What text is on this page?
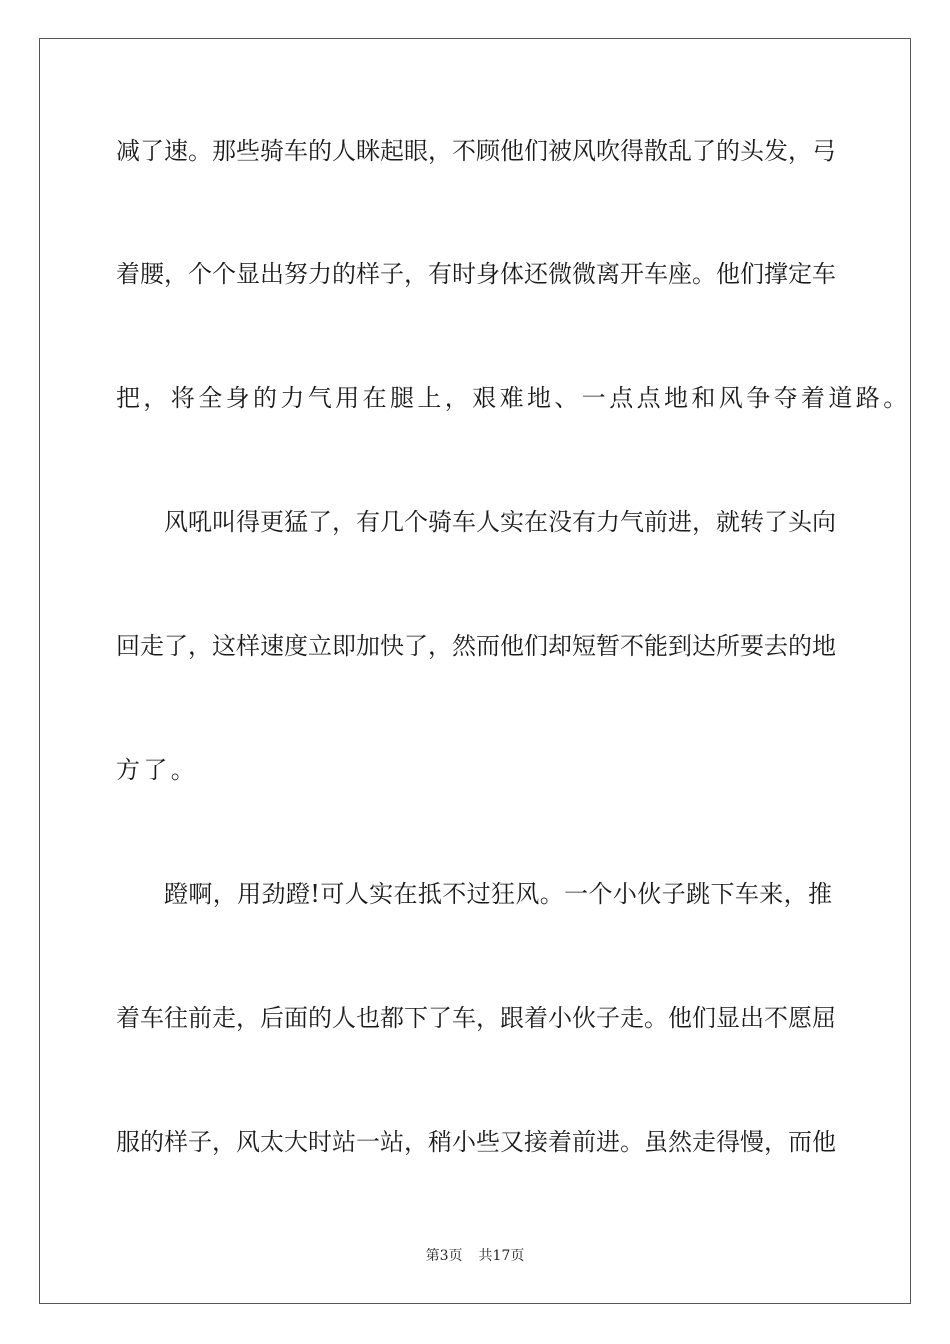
减了速。那些骑车的人眯起眼，不顾他们被风吹得散乱了的头发，弓
着腰，个个显出努力的样子，有时身体还微微离开车座。他们撑定车
把，将全身的力气用在腿上，艰难地、一点点地和风争夺着道路。
风吼叫得更猛了，有几个骑车人实在没有力气前进，就转了头向
回走了，这样速度立即加快了，然而他们却短暂不能到达所要去的地
方了。
蹬啊，用劲蹬!可人实在抵不过狂风。一个小伙子跳下车来，推
着车往前走，后面的人也都下了车，跟着小伙子走。他们显出不愿屈
服的样子，风太大时站一站，稍小些又接着前进。虽然走得慢，而他
第3页 共17页
